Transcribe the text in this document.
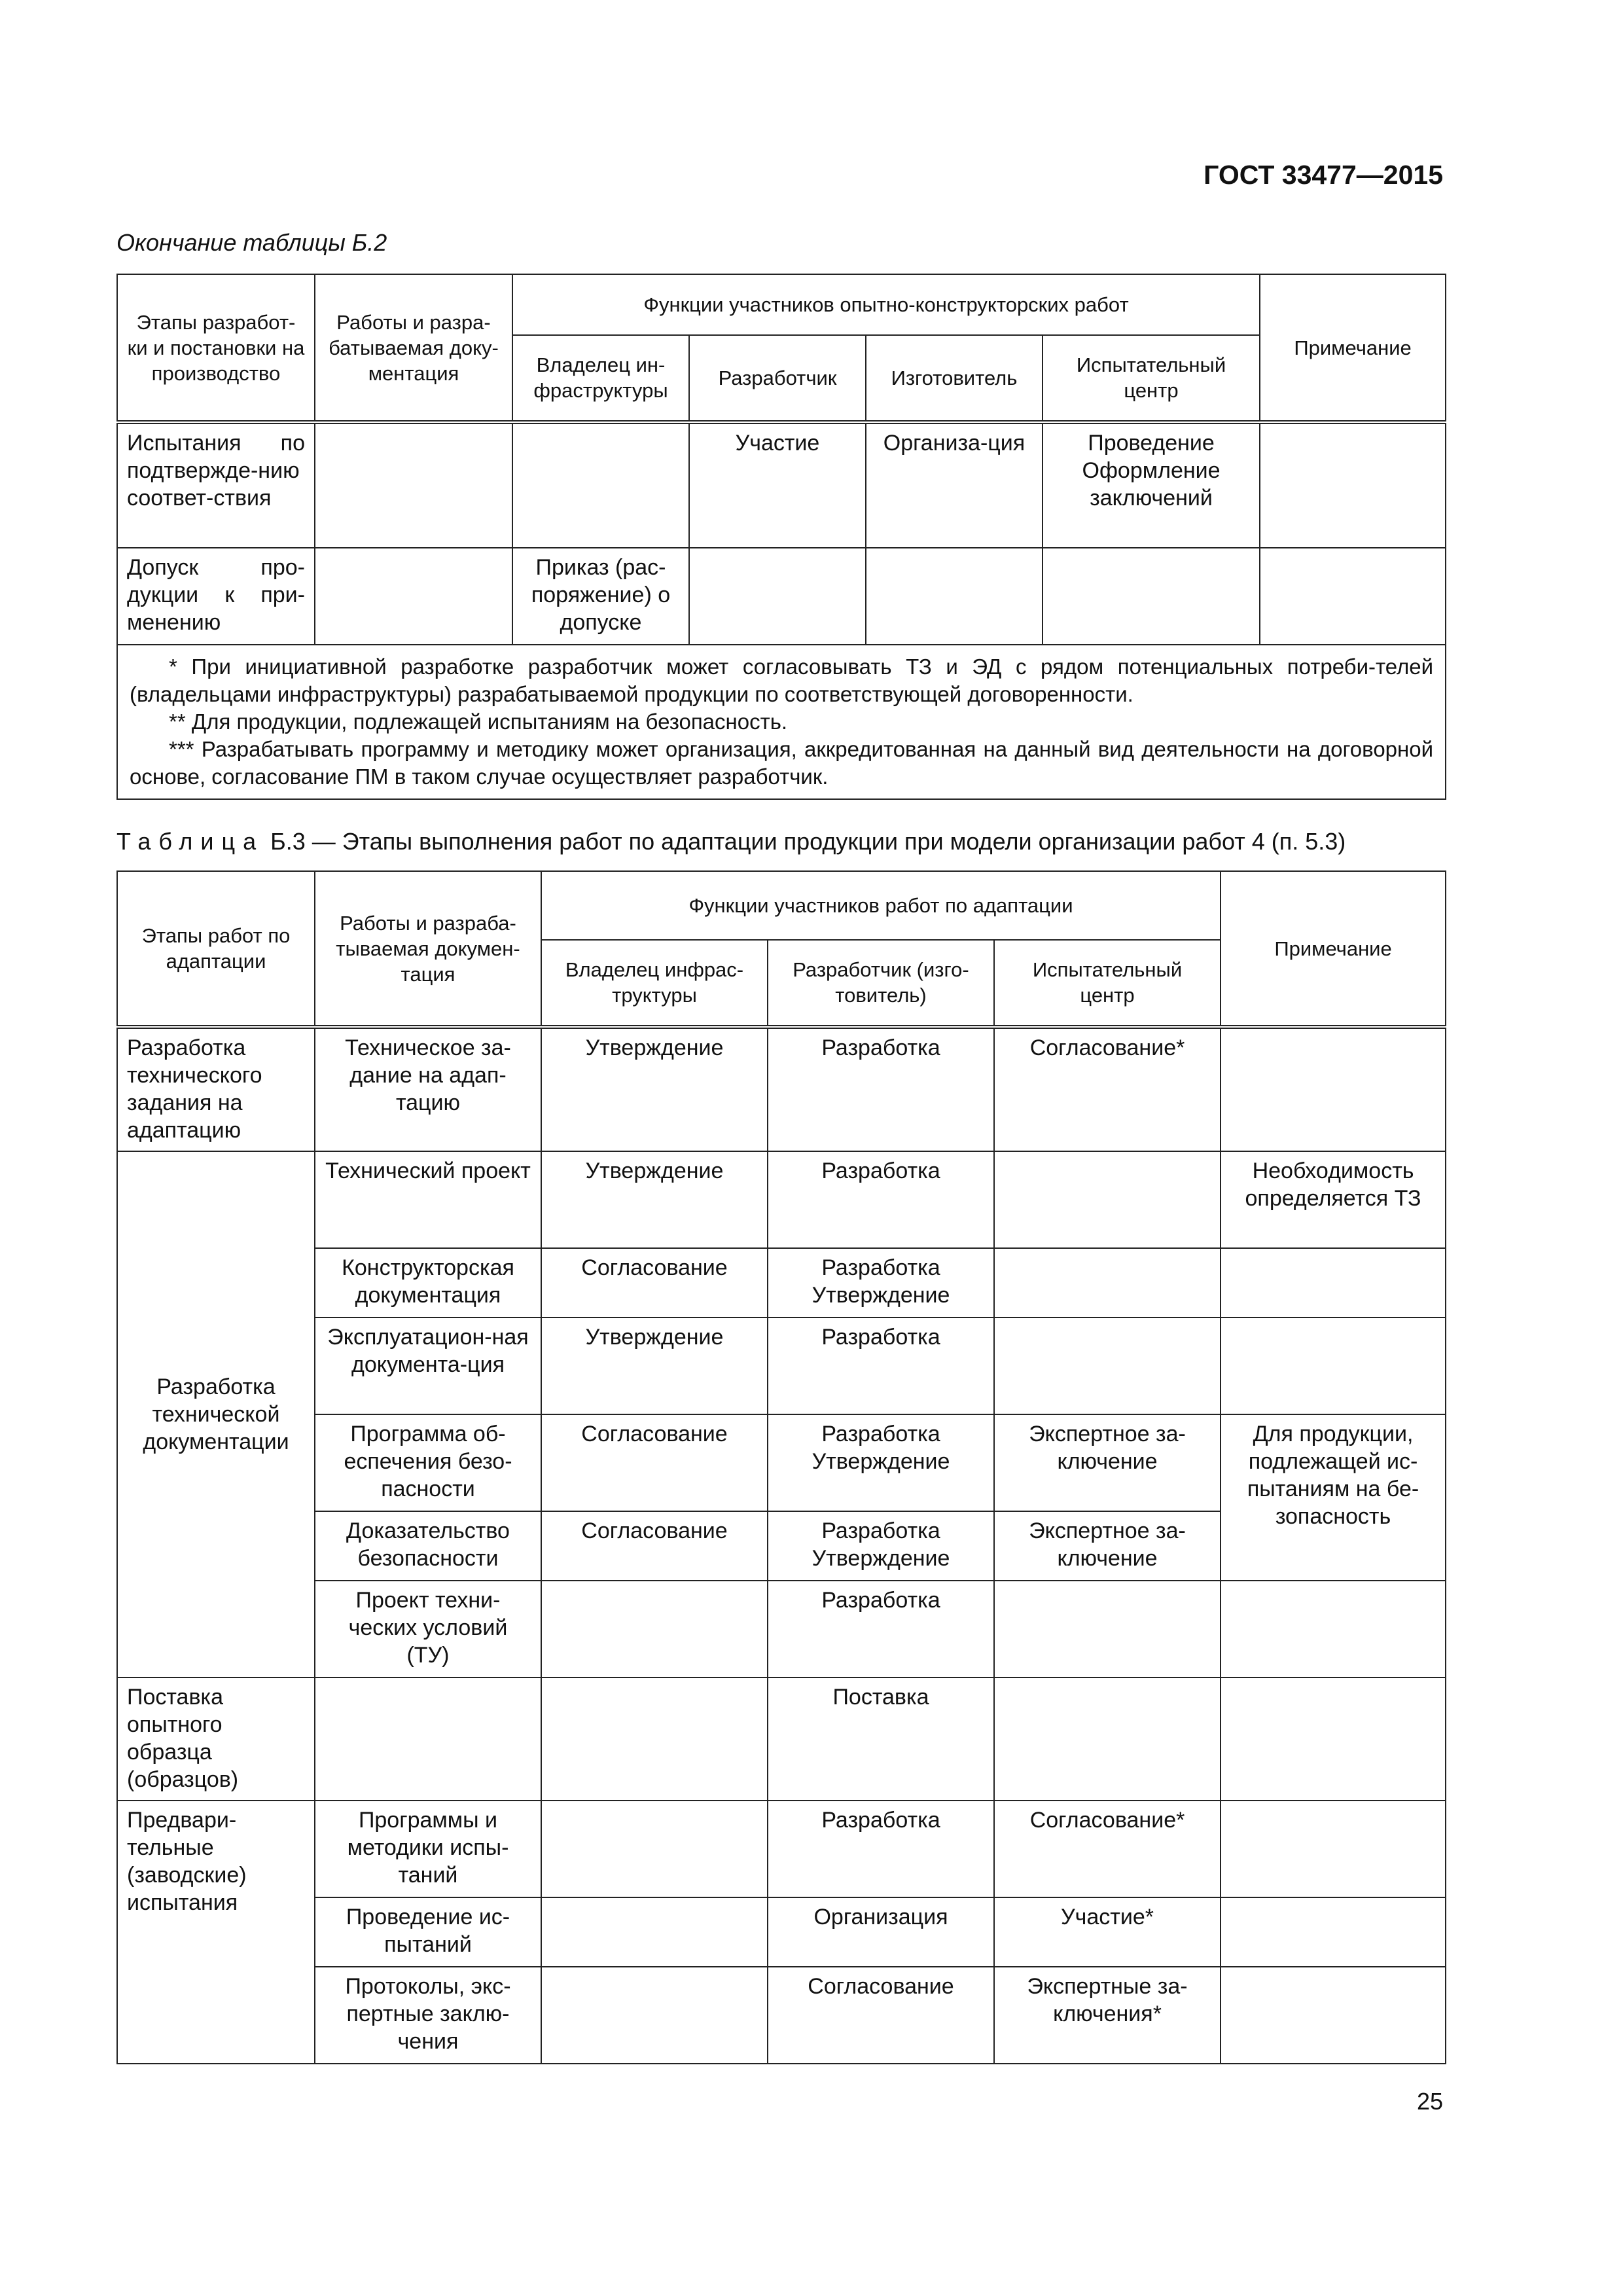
ГОСТ 33477—2015
Окончание таблицы Б.2
Этапы разработ-ки и постановки на производство	Работы и разра-батываемая доку-ментация	Функции участников опытно-конструкторских работ				Примечание
		Владелец ин-фраструктуры	Разработчик	Изготовитель	Испытательный центр	
Испытания по подтвержде-нию соответ-ствия			Участие	Организа-ция	Проведение Оформление заключений	
Допуск про-дукции к при-менению		Приказ (рас-поряжение) о допуске				

* При инициативной разработке разработчик может согласовывать ТЗ и ЭД с рядом потенциальных потреби-телей (владельцами инфраструктуры) разрабатываемой продукции по соответствующей договоренности.

** Для продукции, подлежащей испытаниям на безопасность.

*** Разрабатывать программу и методику может организация, аккредитованная на данный вид деятельности на договорной основе, согласование ПМ в таком случае осуществляет разработчик.						

Таблица Б.3 — Этапы выполнения работ по адаптации продукции при модели организации работ 4 (п. 5.3)
Этапы работ по адаптации	Работы и разраба-тываемая докумен-тация	Функции участников работ по адаптации			Примечание
		Владелец инфрас-труктуры	Разработчик (изго-товитель)	Испытательный центр	
Разработка технического задания на адаптацию	Техническое за-дание на адап-тацию	Утверждение	Разработка	Согласование*	
Разработка технической документации	Технический проект	Утверждение	Разработка		Необходимость определяется ТЗ
	Конструкторская документация	Согласование	Разработка Утверждение		
	Эксплуатацион-ная документа-ция	Утверждение	Разработка		
	Программа об-еспечения безо-пасности	Согласование	Разработка Утверждение	Экспертное за-ключение	Для продукции, подлежащей ис-пытаниям на бе-зопасность
	Доказательство безопасности	Согласование	Разработка Утверждение	Экспертное за-ключение	
	Проект техни-ческих условий (ТУ)		Разработка		
Поставка опытного образца (образцов)			Поставка		
Предвари-тельные (заводские) испытания	Программы и методики испы-таний		Разработка	Согласование*	
	Проведение ис-пытаний		Организация	Участие*	
	Протоколы, экс-пертные заклю-чения		Согласование	Экспертные за-ключения*	
25
